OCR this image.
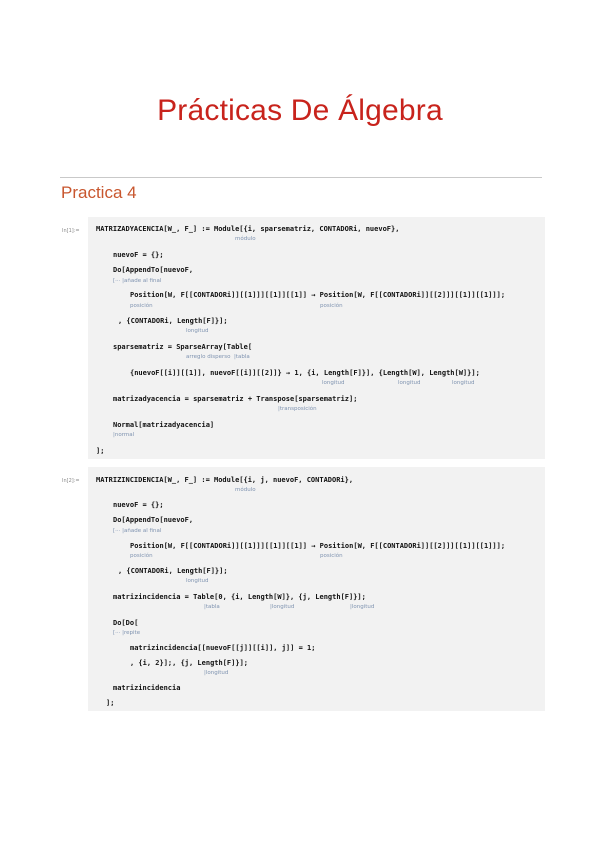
Prácticas De Álgebra
Practica 4
In[1]:= MATRIZADYACENCIA[W_, F_] := Module[{i, sparsematriz, CONTADORi, nuevoF},
módulo
nuevoF = {};
Do[AppendTo[nuevoF,
[··· |añade al final
Position[W, F[[CONTADORi]][[1]]][[1]][[1]] → Position[W, F[[CONTADORi]][[2]]][[1]][[1]]];
posición	posición
, {CONTADORi, Length[F]}];
longitud
sparsematriz = SparseArray[Table[
arreglo disperso  |tabla
{nuevoF[[i]][[1]], nuevoF[[i]][[2]]} → 1, {i, Length[F]}], {Length[W], Length[W]}];
longitud	longitud	longitud
matrizadyacencia = sparsematriz + Transpose[sparsematriz];
|transposición
Normal[matrizadyacencia]
|normal
];
In[2]:= MATRIZINCIDENCIA[W_, F_] := Module[{i, j, nuevoF, CONTADORi},
módulo
nuevoF = {};
Do[AppendTo[nuevoF,
[··· |añade al final
Position[W, F[[CONTADORi]][[1]]][[1]][[1]] → Position[W, F[[CONTADORi]][[2]]][[1]][[1]]];
posición	posición
, {CONTADORi, Length[F]}];
longitud
matrizincidencia = Table[0, {i, Length[W]}, {j, Length[F]}];
|tabla	|longitud	|longitud
Do[Do[
[··· |repite
matrizincidencia[[nuevoF[[j]][[i]], j]] = 1;
, {i, 2}];, {j, Length[F]}];
|longitud
matrizincidencia
];
